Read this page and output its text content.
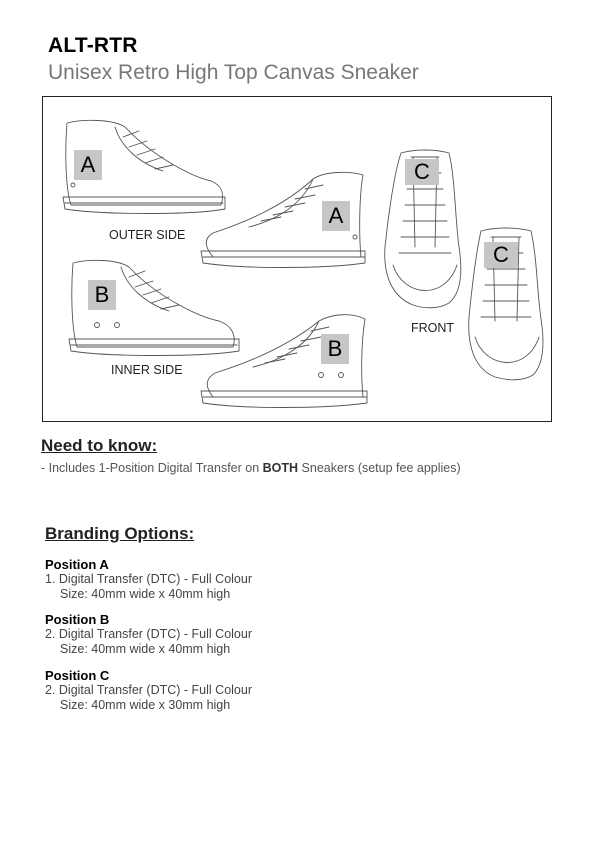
ALT-RTR
Unisex Retro High Top Canvas Sneaker
A
A
B
B
C
C
OUTER SIDE
INNER SIDE
FRONT
Need to know:
- Includes 1-Position Digital Transfer on BOTH Sneakers (setup fee applies)
Branding Options:
Position A
1. Digital Transfer (DTC) - Full Colour
Size: 40mm wide x 40mm high
Position B
2. Digital Transfer (DTC) - Full Colour
Size: 40mm wide x 40mm high
Position C
2. Digital Transfer (DTC) - Full Colour
Size: 40mm wide x 30mm high
